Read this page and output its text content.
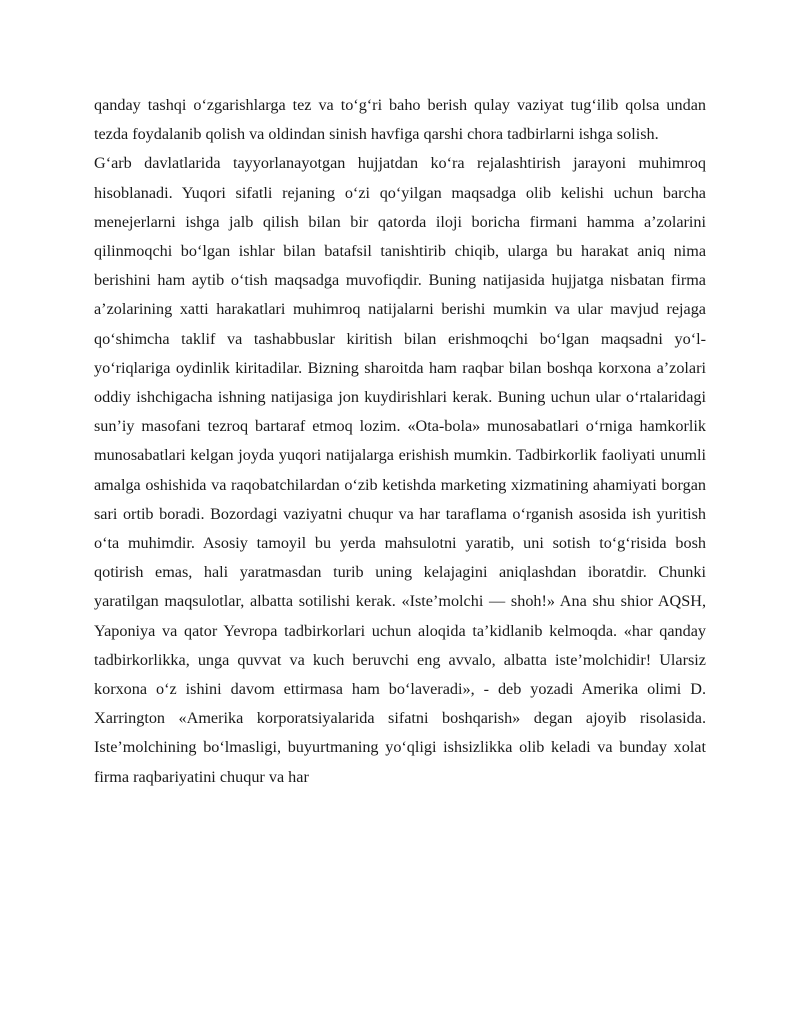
qanday tashqi o‘zgarishlarga tez va to‘g‘ri baho berish qulay vaziyat tug‘ilib qolsa undan tezda foydalanib qolish va oldindan sinish havfiga qarshi chora tadbirlarni ishga solish.

G‘arb davlatlarida tayyorlanayotgan hujjatdan ko‘ra rejalashtirish jarayoni muhimroq hisoblanadi. Yuqori sifatli rejaning o‘zi qo‘yilgan maqsadga olib kelishi uchun barcha menejerlarni ishga jalb qilish bilan bir qatorda iloji boricha firmani hamma a’zolarini qilinmoqchi bo‘lgan ishlar bilan batafsil tanishtirib chiqib, ularga bu harakat aniq nima berishini ham aytib o‘tish maqsadga muvofiqdir. Buning natijasida hujjatga nisbatan firma a’zolarining xatti harakatlari muhimroq natijalarni berishi mumkin va ular mavjud rejaga qo‘shimcha taklif va tashabbuslar kiritish bilan erishmoqchi bo‘lgan maqsadni yo‘l-yo‘riqlariga oydinlik kiritadilar. Bizning sharoitda ham raqbar bilan boshqa korxona a’zolari oddiy ishchigacha ishning natijasiga jon kuydirishlari kerak. Buning uchun ular o‘rtalaridagi sun’iy masofani tezroq bartaraf etmoq lozim. «Ota-bola» munosabatlari o‘rniga hamkorlik munosabatlari kelgan joyda yuqori natijalarga erishish mumkin. Tadbirkorlik faoliyati unumli amalga oshishida va raqobatchilardan o‘zib ketishda marketing xizmatining ahamiyati borgan sari ortib boradi. Bozordagi vaziyatni chuqur va har taraflama o‘rganish asosida ish yuritish o‘ta muhimdir. Asosiy tamoyil bu yerda mahsulotni yaratib, uni sotish to‘g‘risida bosh qotirish emas, hali yaratmasdan turib uning kelajagini aniqlashdan iboratdir. Chunki yaratilgan maqsulotlar, albatta sotilishi kerak. «Iste’molchi — shoh!» Ana shu shior AQSH, Yaponiya va qator Yevropa tadbirkorlari uchun aloqida ta’kidlanib kelmoqda. «har qanday tadbirkorlikka, unga quvvat va kuch beruvchi eng avvalo, albatta iste’molchidir! Ularsiz korxona o‘z ishini davom ettirmasa ham bo‘laveradi», - deb yozadi Amerika olimi D. Xarrington «Amerika korporatsiyalarida sifatni boshqarish» degan ajoyib risolasida. Iste’molchining bo‘lmasligi, buyurtmaning yo‘qligi ishsizlikka olib keladi va bunday xolat firma raqbariyatini chuqur va har
